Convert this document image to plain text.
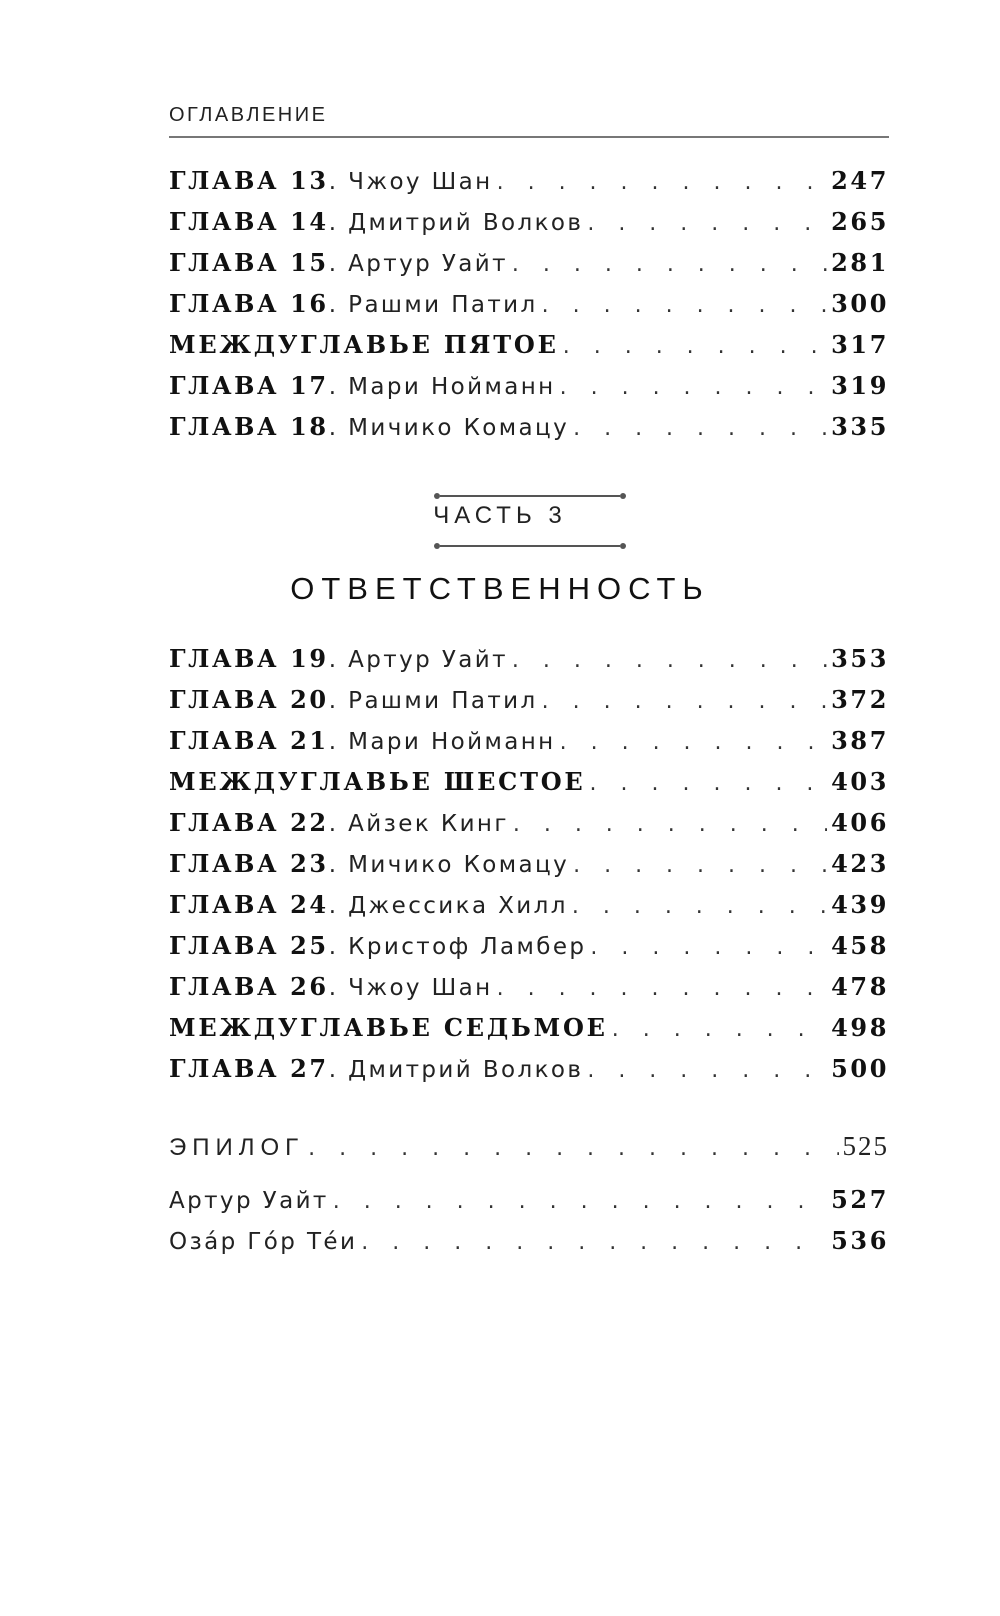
ОГЛАВЛЕНИЕ
ГЛАВА 13. Чжоу Шан . . .	247
ГЛАВА 14. Дмитрий Волков . . .	265
ГЛАВА 15. Артур Уайт . . .	281
ГЛАВА 16. Рашми Патил . . .	300
МЕЖДУГЛАВЬЕ ПЯТОЕ . . .	317
ГЛАВА 17. Мари Нойманн . . .	319
ГЛАВА 18. Мичико Комацу . . .	335
ЧАСТЬ 3
ОТВЕТСТВЕННОСТЬ
ГЛАВА 19. Артур Уайт . . .	353
ГЛАВА 20. Рашми Патил . . .	372
ГЛАВА 21. Мари Нойманн . . .	387
МЕЖДУГЛАВЬЕ ШЕСТОЕ . . .	403
ГЛАВА 22. Айзек Кинг . . .	406
ГЛАВА 23. Мичико Комацу . . .	423
ГЛАВА 24. Джессика Хилл . . .	439
ГЛАВА 25. Кристоф Ламбер . . .	458
ГЛАВА 26. Чжоу Шан . . .	478
МЕЖДУГЛАВЬЕ СЕДЬМОЕ . . .	498
ГЛАВА 27. Дмитрий Волков . . .	500
ЭПИЛОГ . . .	525
Артур Уайт . . .	527
Озáр Гóр Тéи . . .	536
